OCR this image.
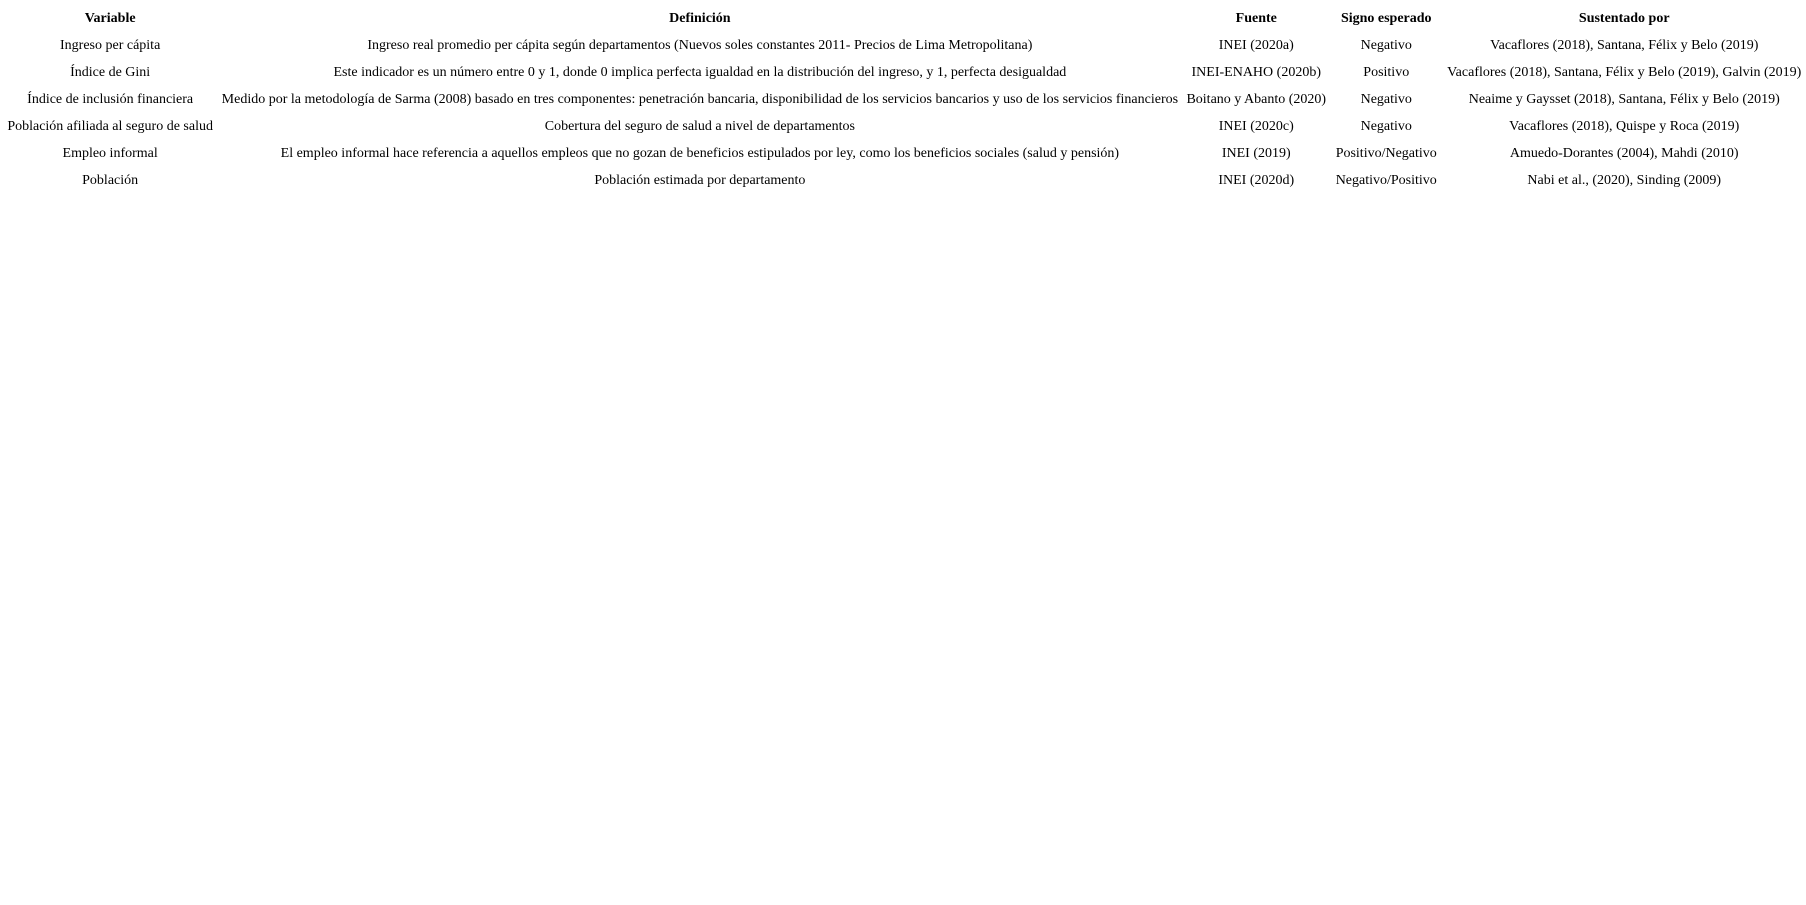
Variable	Definición	Fuente	Signo esperado	Sustentado por
Ingreso per cápita	Ingreso real promedio per cápita según departamentos (Nuevos soles constantes 2011- Precios de Lima Metropolitana)	INEI (2020a)	Negativo	Vacaflores (2018), Santana, Félix y Belo (2019)
Índice de Gini	Este indicador es un número entre 0 y 1, donde 0 implica perfecta igualdad en la distribución del ingreso, y 1, perfecta desigualdad	INEI-ENAHO (2020b)	Positivo	Vacaflores (2018), Santana, Félix y Belo (2019), Galvin (2019)
Índice de inclusión financiera	Medido por la metodología de Sarma (2008) basado en tres componentes: penetración bancaria, disponibilidad de los servicios bancarios y uso de los servicios financieros	Boitano y Abanto (2020)	Negativo	Neaime y Gaysset (2018), Santana, Félix y Belo (2019)
Población afiliada al seguro de salud	Cobertura del seguro de salud a nivel de departamentos	INEI (2020c)	Negativo	Vacaflores (2018), Quispe y Roca (2019)
Empleo informal	El empleo informal hace referencia a aquellos empleos que no gozan de beneficios estipulados por ley, como los beneficios sociales (salud y pensión)	INEI (2019)	Positivo/Negativo	Amuedo-Dorantes (2004), Mahdi (2010)
Población	Población estimada por departamento	INEI (2020d)	Negativo/Positivo	Nabi et al., (2020), Sinding (2009)
